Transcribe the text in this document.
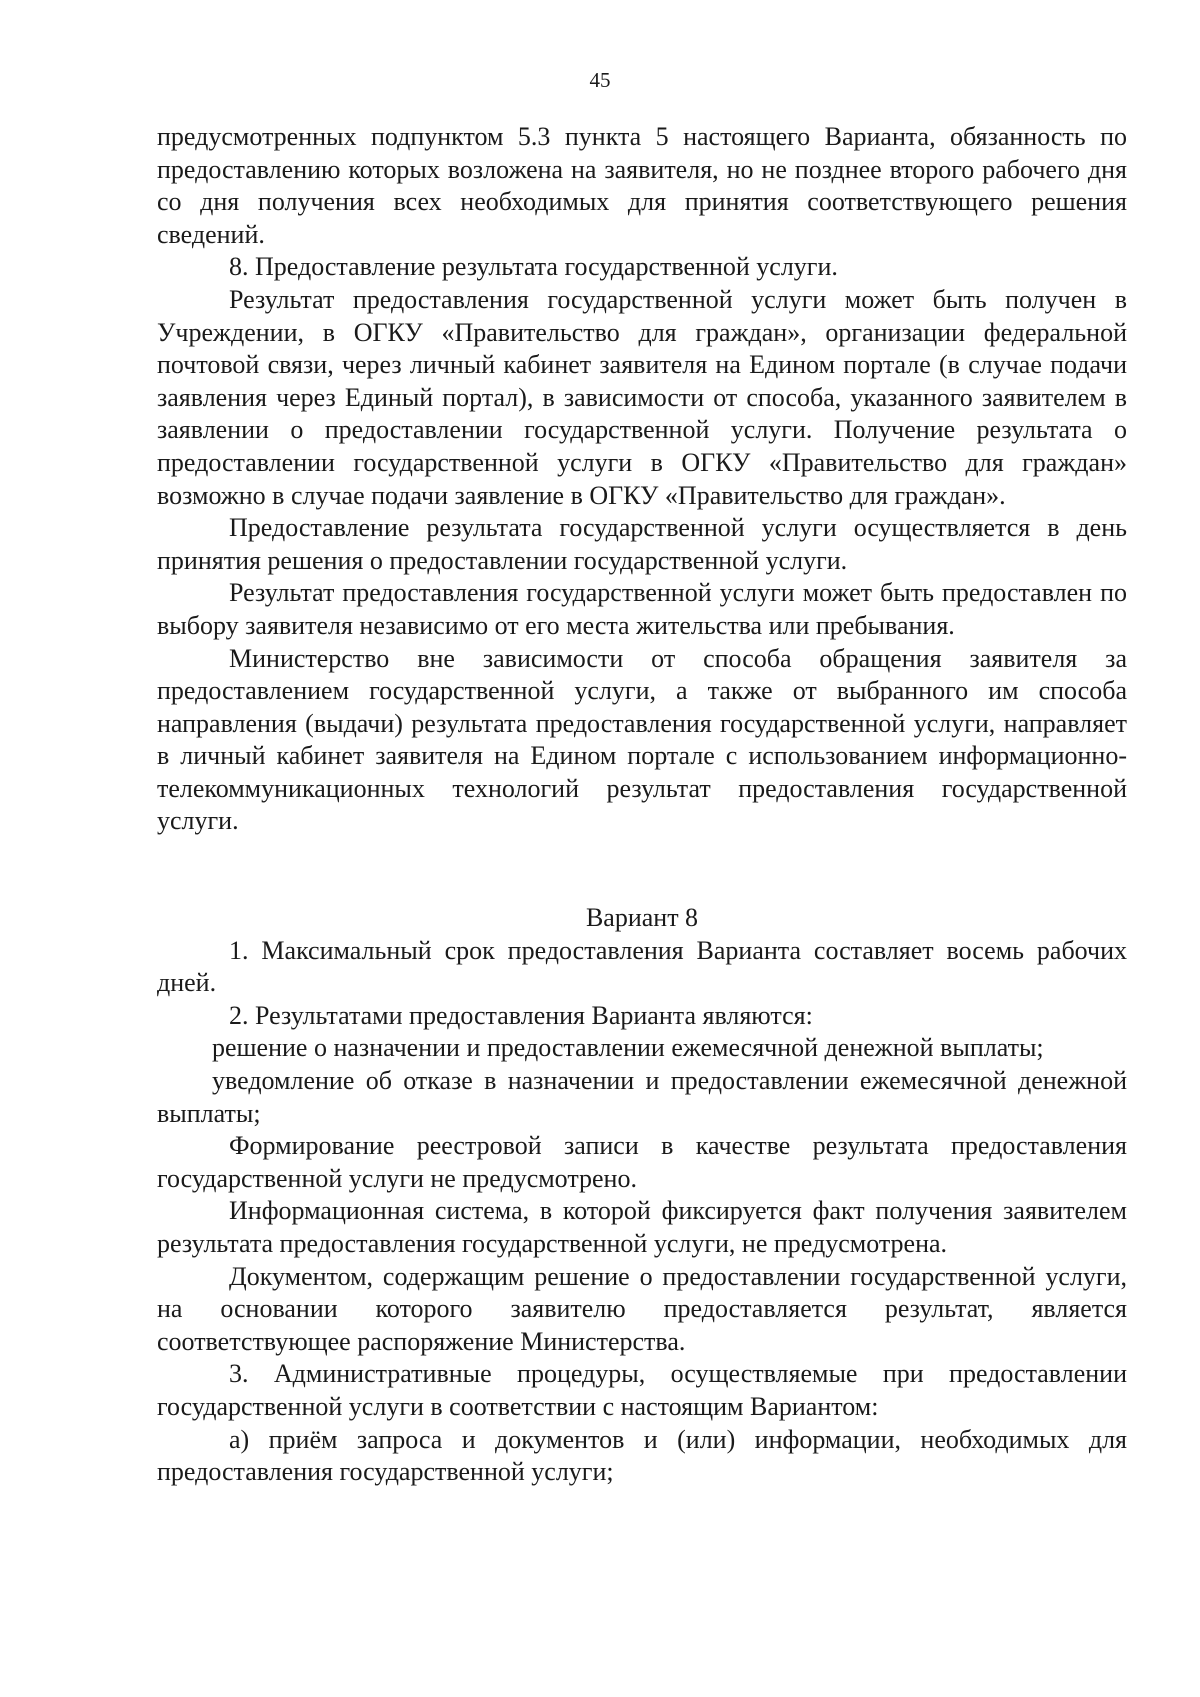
45

предусмотренных подпунктом 5.3 пункта 5 настоящего Варианта, обязанность по предоставлению которых возложена на заявителя, но не позднее второго рабочего дня со дня получения всех необходимых для принятия соответствующего решения сведений.

8. Предоставление результата государственной услуги.

Результат предоставления государственной услуги может быть получен в Учреждении, в ОГКУ «Правительство для граждан», организации федеральной почтовой связи, через личный кабинет заявителя на Едином портале (в случае подачи заявления через Единый портал), в зависимости от способа, указанного заявителем в заявлении о предоставлении государственной услуги. Получение результата о предоставлении государственной услуги в ОГКУ «Правительство для граждан» возможно в случае подачи заявление в ОГКУ «Правительство для граждан».

Предоставление результата государственной услуги осуществляется в день принятия решения о предоставлении государственной услуги.

Результат предоставления государственной услуги может быть предоставлен по выбору заявителя независимо от его места жительства или пребывания.

Министерство вне зависимости от способа обращения заявителя за предоставлением государственной услуги, а также от выбранного им способа направления (выдачи) результата предоставления государственной услуги, направляет в личный кабинет заявителя на Едином портале с использованием информационно-телекоммуникационных технологий результат предоставления государственной услуги.

Вариант 8

1. Максимальный срок предоставления Варианта составляет восемь рабочих дней.

2. Результатами предоставления Варианта являются:

решение о назначении и предоставлении ежемесячной денежной выплаты;

уведомление об отказе в назначении и предоставлении ежемесячной денежной выплаты;

Формирование реестровой записи в качестве результата предоставления государственной услуги не предусмотрено.

Информационная система, в которой фиксируется факт получения заявителем результата предоставления государственной услуги, не предусмотрена.

Документом, содержащим решение о предоставлении государственной услуги, на основании которого заявителю предоставляется результат, является соответствующее распоряжение Министерства.

3. Административные процедуры, осуществляемые при предоставлении государственной услуги в соответствии с настоящим Вариантом:

а) приём запроса и документов и (или) информации, необходимых для предоставления государственной услуги;
